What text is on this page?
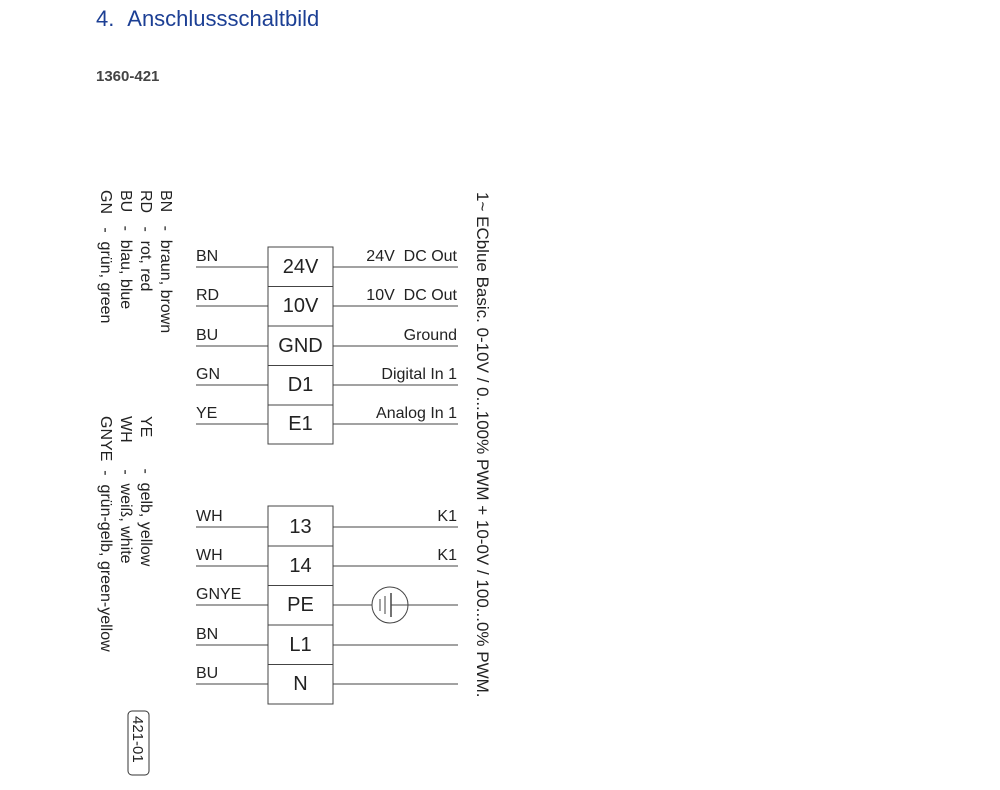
4. Anschlussschaltbild
1360-421
1~ ECblue Basic. 0-10V / 0...100% PWM + 10-0V / 100...0% PWM.
BN   -  braun, brown
RD   -  rot, red
BU   -  blau, blue
GN   -  grün, green
YE       -  gelb, yellow
WH      -  weiß, white
GNYE  -  grün-gelb, green-yellow
421-01
BN
RD
BU
GN
YE
24V
10V
GND
D1
E1
24V  DC Out
10V  DC Out
Ground
Digital In 1
Analog In 1
WH
WH
GNYE
BN
BU
13
14
PE
L1
N
K1
K1
